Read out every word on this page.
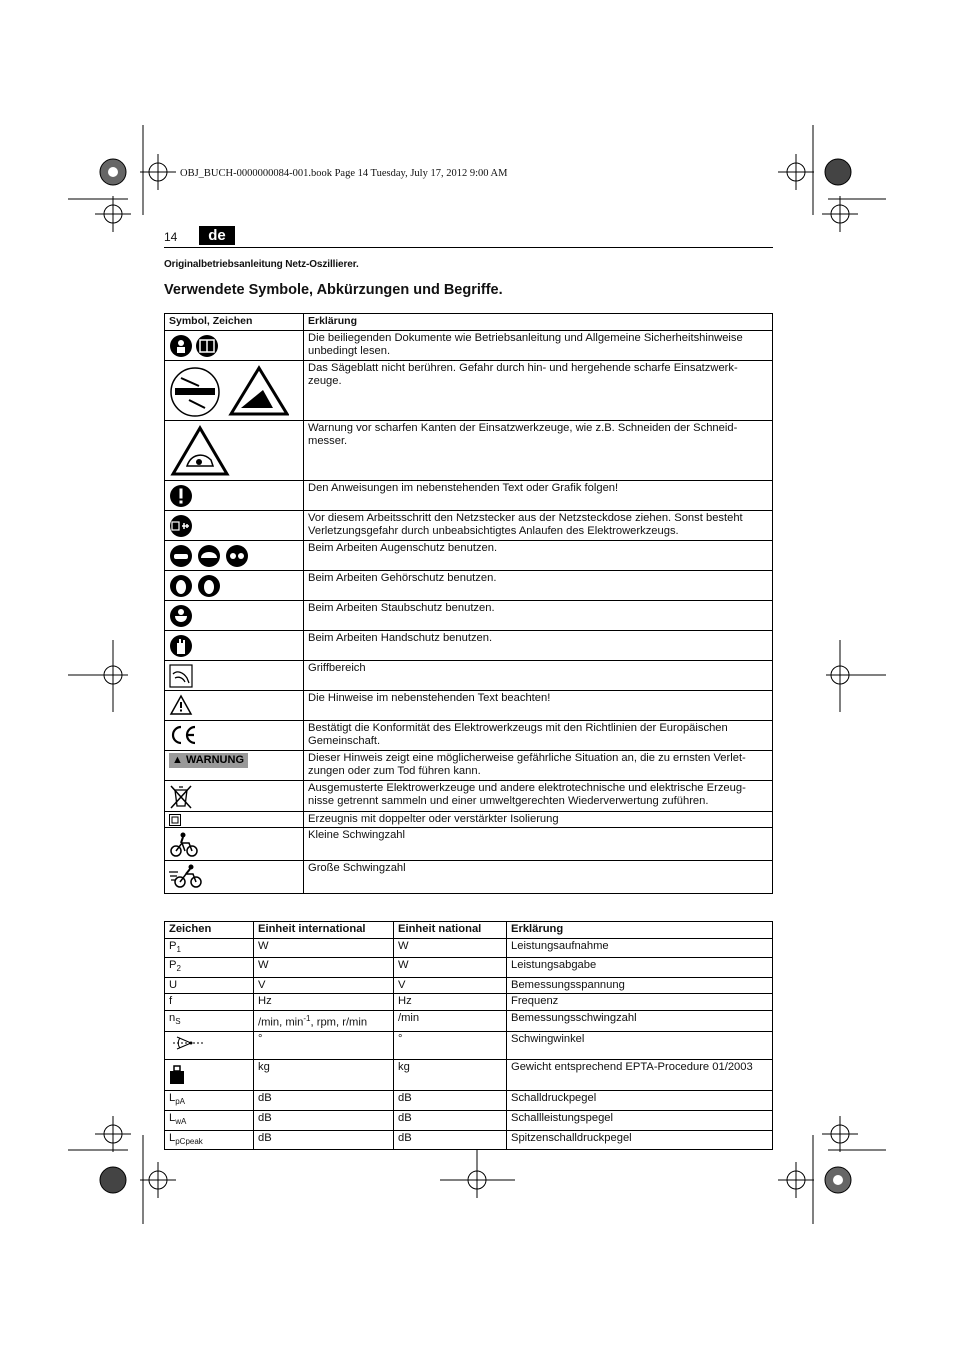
OBJ_BUCH-0000000084-001.book Page 14 Tuesday, July 17, 2012 9:00 AM
14	de
Originalbetriebsanleitung Netz-Oszillierer.
Verwendete Symbole, Abkürzungen und Begriffe.
Symbol, Zeichen	Erklärung
	Die beiliegenden Dokumente wie Betriebsanleitung und Allgemeine Sicherheitshinweise unbedingt lesen.
	Das Sägeblatt nicht berühren. Gefahr durch hin- und hergehende scharfe Einsatzwerk-zeuge.
	Warnung vor scharfen Kanten der Einsatzwerkzeuge, wie z.B. Schneiden der Schneid-messer.
	Den Anweisungen im nebenstehenden Text oder Grafik folgen!
	Vor diesem Arbeitsschritt den Netzstecker aus der Netzsteckdose ziehen. Sonst besteht Verletzungsgefahr durch unbeabsichtigtes Anlaufen des Elektrowerkzeugs.
	Beim Arbeiten Augenschutz benutzen.
	Beim Arbeiten Gehörschutz benutzen.
	Beim Arbeiten Staubschutz benutzen.
	Beim Arbeiten Handschutz benutzen.
	Griffbereich
	Die Hinweise im nebenstehenden Text beachten!
	Bestätigt die Konformität des Elektrowerkzeugs mit den Richtlinien der Europäischen Gemeinschaft.
▲ WARNUNG	Dieser Hinweis zeigt eine möglicherweise gefährliche Situation an, die zu ernsten Verlet-zungen oder zum Tod führen kann.
	Ausgemusterte Elektrowerkzeuge und andere elektrotechnische und elektrische Erzeug-nisse getrennt sammeln und einer umweltgerechten Wiederverwertung zuführen.
	Erzeugnis mit doppelter oder verstärkter Isolierung
	Kleine Schwingzahl
	Große Schwingzahl
Zeichen	Einheit international	Einheit national	Erklärung
$P_1$	W	W	Leistungsaufnahme
$P_2$	W	W	Leistungsabgabe
U	V	V	Bemessungsspannung
f	Hz	Hz	Frequenz
$n_S$	/min, $\min^{-1}$, rpm, r/min	/min	Bemessungsschwingzahl
	°	°	Schwingwinkel
	kg	kg	Gewicht entsprechend EPTA-Procedure 01/2003
$L_{pA}$	dB	dB	Schalldruckpegel
$L_{wA}$	dB	dB	Schallleistungspegel
$L_{pCpeak}$	dB	dB	Spitzenschalldruckpegel
